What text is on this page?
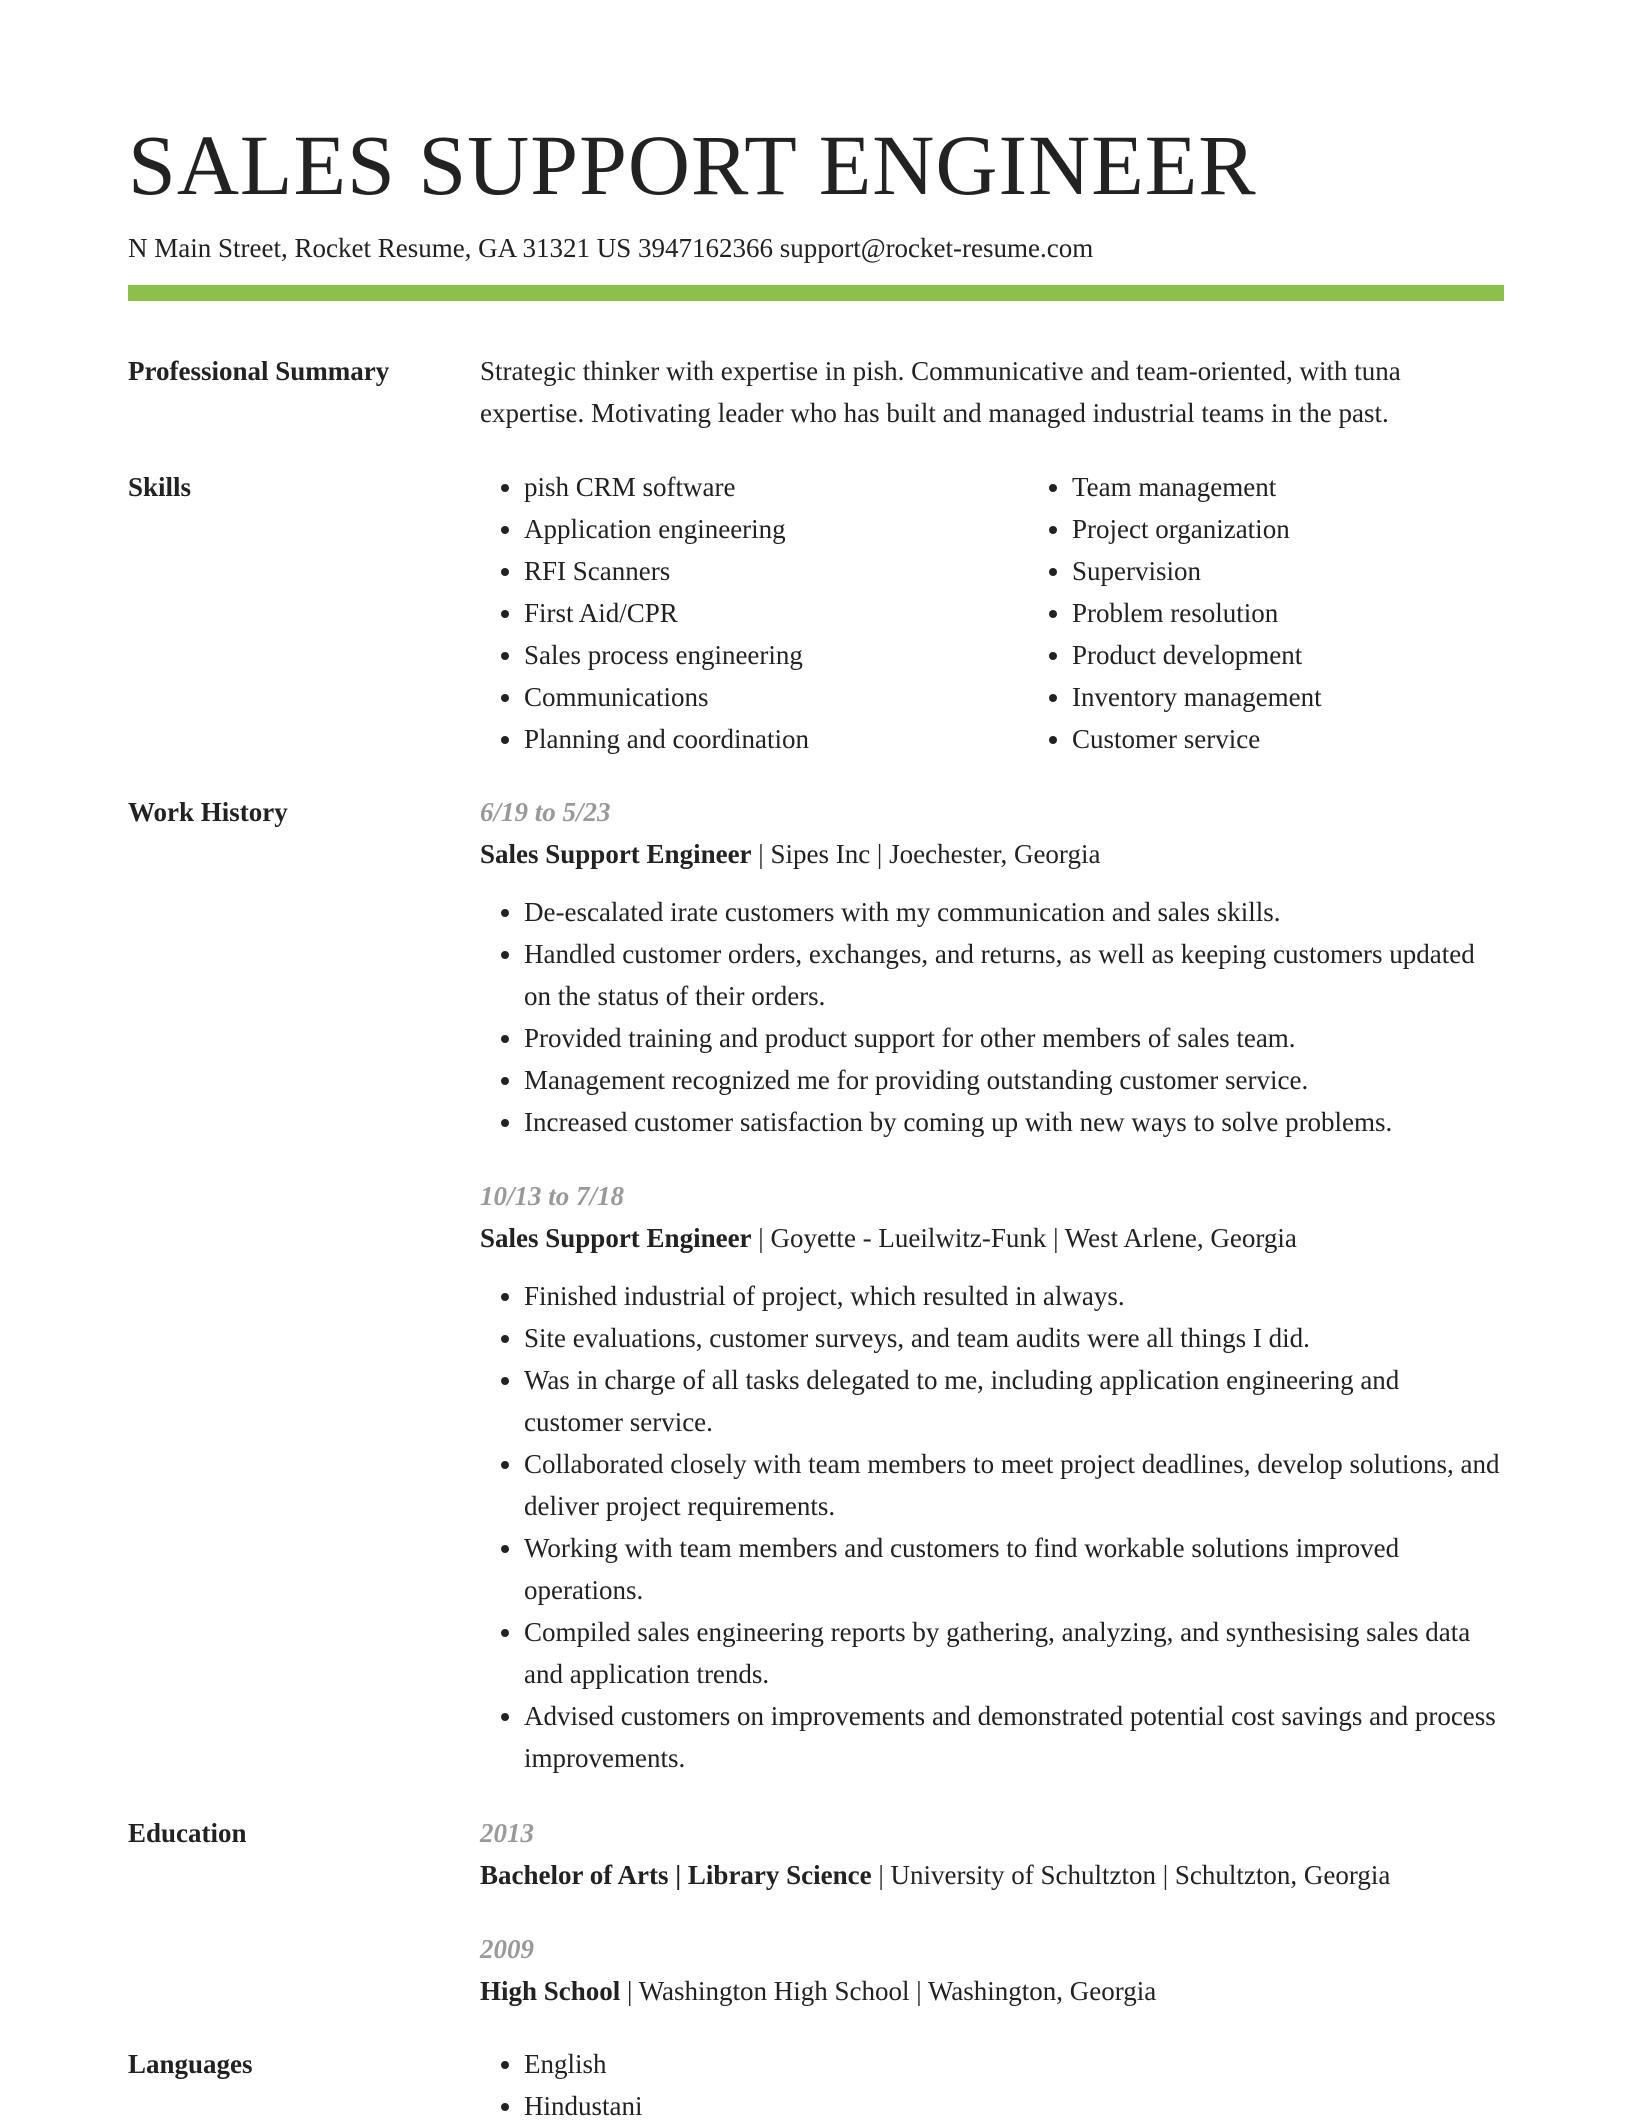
SALES SUPPORT ENGINEER
N Main Street, Rocket Resume, GA 31321 US 3947162366 support@rocket-resume.com
Professional Summary	Strategic thinker with expertise in pish. Communicative and team-oriented, with tuna expertise. Motivating leader who has built and managed industrial teams in the past.

Skills	• pish CRM software
• Application engineering
• RFI Scanners
• First Aid/CPR
• Sales process engineering
• Communications
• Planning and coordination
• Team management
• Project organization
• Supervision
• Problem resolution
• Product development
• Inventory management
• Customer service
Work History	6/19 to 5/23
Sales Support Engineer | Sipes Inc | Joechester, Georgia
• De-escalated irate customers with my communication and sales skills.
• Handled customer orders, exchanges, and returns, as well as keeping customers updated on the status of their orders.
• Provided training and product support for other members of sales team.
• Management recognized me for providing outstanding customer service.
• Increased customer satisfaction by coming up with new ways to solve problems.
10/13 to 7/18
Sales Support Engineer | Goyette - Lueilwitz-Funk | West Arlene, Georgia
• Finished industrial of project, which resulted in always.
• Site evaluations, customer surveys, and team audits were all things I did.
• Was in charge of all tasks delegated to me, including application engineering and customer service.
• Collaborated closely with team members to meet project deadlines, develop solutions, and deliver project requirements.
• Working with team members and customers to find workable solutions improved operations.
• Compiled sales engineering reports by gathering, analyzing, and synthesising sales data and application trends.
• Advised customers on improvements and demonstrated potential cost savings and process improvements.
Education	2013
Bachelor of Arts | Library Science | University of Schultzton | Schultzton, Georgia
2009
High School | Washington High School | Washington, Georgia
Languages	• English
• Hindustani
